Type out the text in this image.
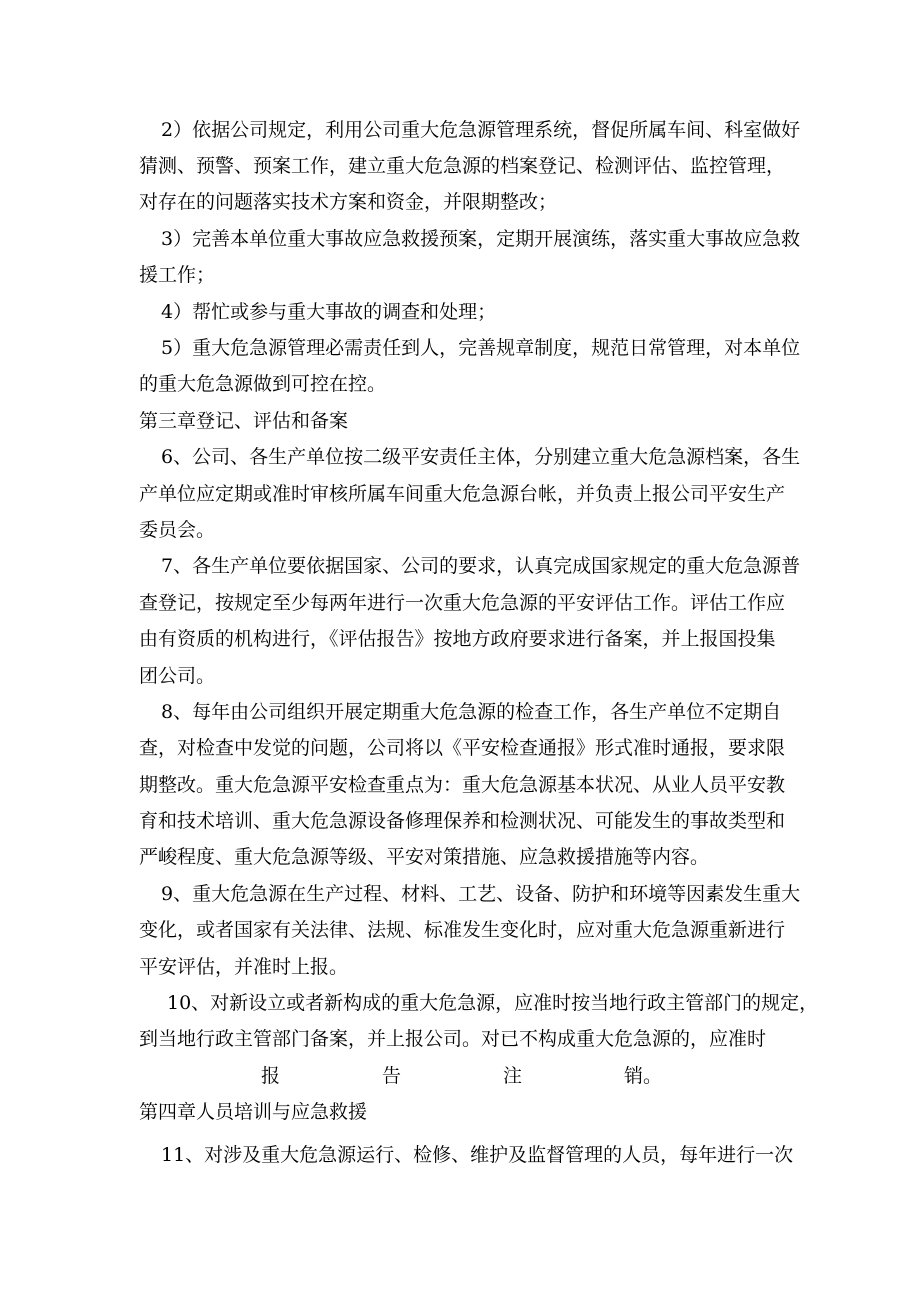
2）依据公司规定，利用公司重大危急源管理系统，督促所属车间、科室做好
猜测、预警、预案工作，建立重大危急源的档案登记、检测评估、监控管理，
对存在的问题落实技术方案和资金，并限期整改；
3）完善本单位重大事故应急救援预案，定期开展演练，落实重大事故应急救
援工作；
4）帮忙或参与重大事故的调查和处理；
5）重大危急源管理必需责任到人，完善规章制度，规范日常管理，对本单位
的重大危急源做到可控在控。
第三章登记、评估和备案
6、公司、各生产单位按二级平安责任主体，分别建立重大危急源档案，各生
产单位应定期或准时审核所属车间重大危急源台帐，并负责上报公司平安生产
委员会。
7、各生产单位要依据国家、公司的要求，认真完成国家规定的重大危急源普
查登记，按规定至少每两年进行一次重大危急源的平安评估工作。评估工作应
由有资质的机构进行，《评估报告》按地方政府要求进行备案，并上报国投集
团公司。
8、每年由公司组织开展定期重大危急源的检查工作，各生产单位不定期自
查，对检查中发觉的问题，公司将以《平安检查通报》形式准时通报，要求限
期整改。重大危急源平安检查重点为：重大危急源基本状况、从业人员平安教
育和技术培训、重大危急源设备修理保养和检测状况、可能发生的事故类型和
严峻程度、重大危急源等级、平安对策措施、应急救援措施等内容。
9、重大危急源在生产过程、材料、工艺、设备、防护和环境等因素发生重大
变化，或者国家有关法律、法规、标准发生变化时，应对重大危急源重新进行
平安评估，并准时上报。
10、对新设立或者新构成的重大危急源，应准时按当地行政主管部门的规定，
到当地行政主管部门备案，并上报公司。对已不构成重大危急源的，应准时
报	告	注	销。
第四章人员培训与应急救援
11、对涉及重大危急源运行、检修、维护及监督管理的人员，每年进行一次
